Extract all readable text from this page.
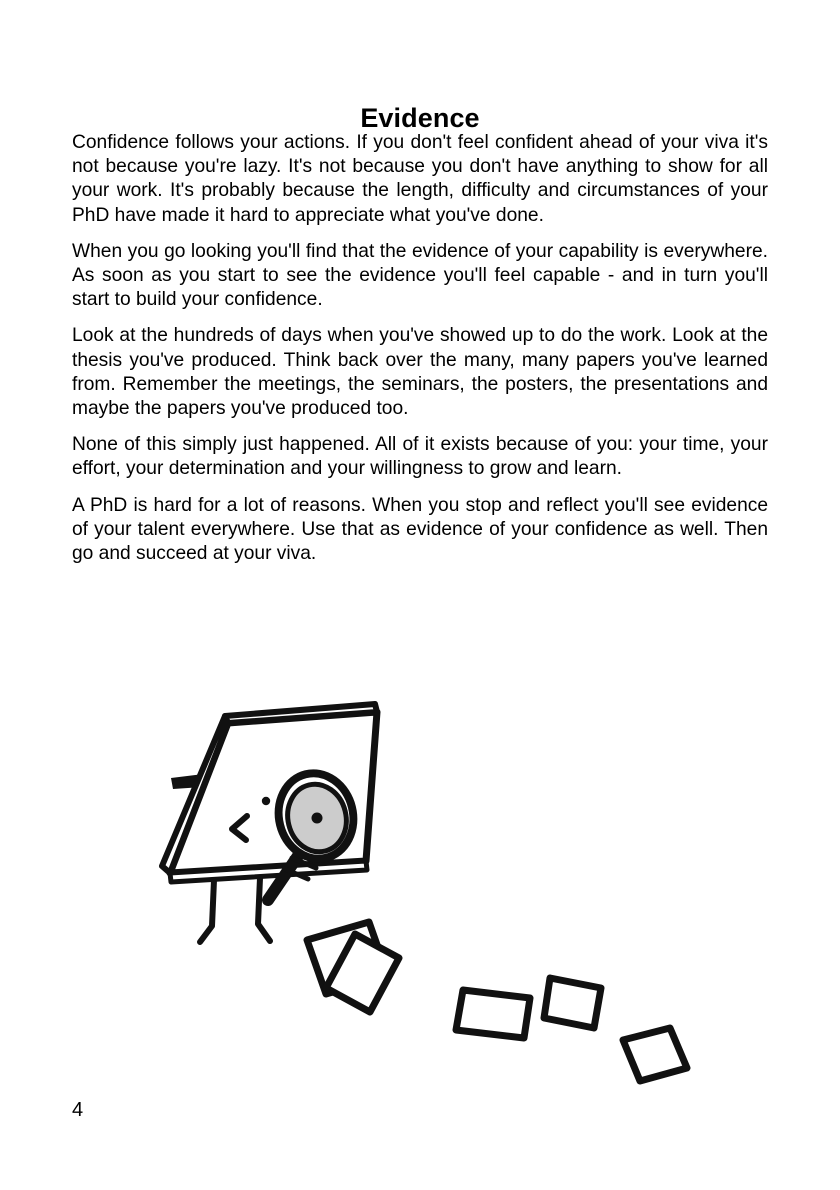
Evidence

Confidence follows your actions. If you don't feel confident ahead of your viva it's not because you're lazy. It's not because you don't have anything to show for all your work. It's probably because the length, difficulty and circumstances of your PhD have made it hard to appreciate what you've done.

When you go looking you'll find that the evidence of your capability is everywhere. As soon as you start to see the evidence you'll feel capable - and in turn you'll start to build your confidence.

Look at the hundreds of days when you've showed up to do the work. Look at the thesis you've produced. Think back over the many, many papers you've learned from. Remember the meetings, the seminars, the posters, the presentations and maybe the papers you've produced too.

None of this simply just happened. All of it exists because of you: your time, your effort, your determination and your willingness to grow and learn.

A PhD is hard for a lot of reasons. When you stop and reflect you'll see evidence of your talent everywhere. Use that as evidence of your confidence as well. Then go and succeed at your viva.

4
